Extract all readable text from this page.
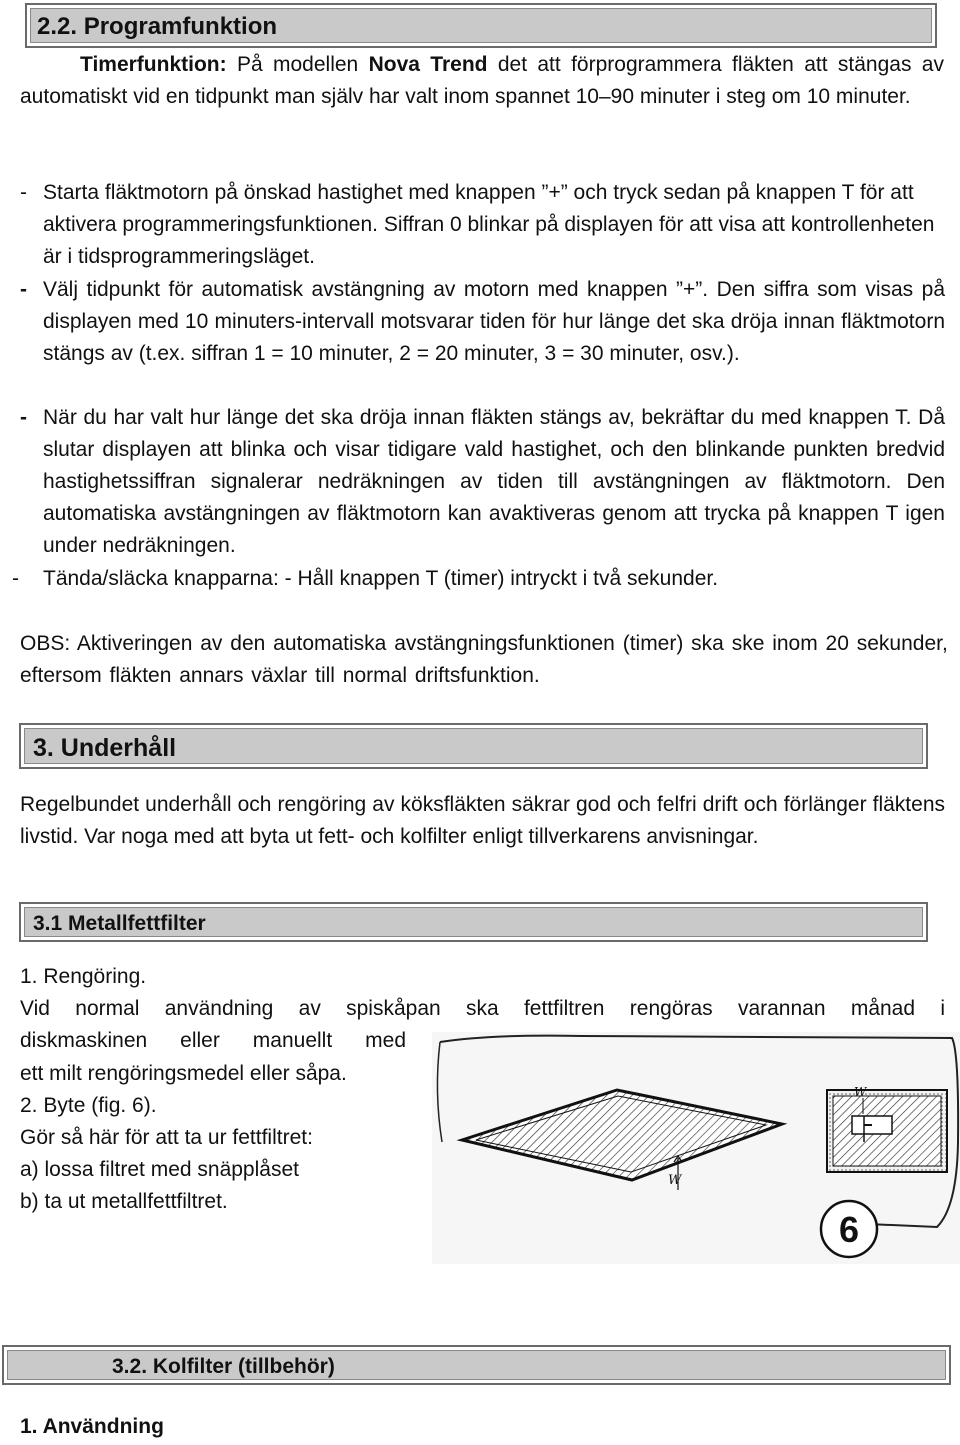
2.2. Programfunktion

Timerfunktion: På modellen Nova Trend det att förprogrammera fläkten att stängas av automatiskt vid en tidpunkt man själv har valt inom spannet 10–90 minuter i steg om 10 minuter.

- Starta fläktmotorn på önskad hastighet med knappen ”+” och tryck sedan på knappen T för att aktivera programmeringsfunktionen. Siffran 0 blinkar på displayen för att visa att kontrollenheten är i tidsprogrammeringsläget.

- Välj tidpunkt för automatisk avstängning av motorn med knappen ”+”. Den siffra som visas på displayen med 10 minuters-intervall motsvarar tiden för hur länge det ska dröja innan fläktmotorn stängs av (t.ex. siffran 1 = 10 minuter, 2 = 20 minuter, 3 = 30 minuter, osv.).

- När du har valt hur länge det ska dröja innan fläkten stängs av, bekräftar du med knappen T. Då slutar displayen att blinka och visar tidigare vald hastighet, och den blinkande punkten bredvid hastighetssiffran signalerar nedräkningen av tiden till avstängningen av fläktmotorn. Den automatiska avstängningen av fläktmotorn kan avaktiveras genom att trycka på knappen T igen under nedräkningen.

- Tända/släcka knapparna: - Håll knappen T (timer) intryckt i två sekunder.

OBS: Aktiveringen av den automatiska avstängningsfunktionen (timer) ska ske inom 20 sekunder, eftersom fläkten annars växlar till normal driftsfunktion.

3. Underhåll

Regelbundet underhåll och rengöring av köksfläkten säkrar god och felfri drift och förlänger fläktens livstid. Var noga med att byta ut fett- och kolfilter enligt tillverkarens anvisningar.

3.1 Metallfettfilter
1. Rengöring.
Vid normal användning av spiskåpan ska fettfiltren rengöras varannan månad i
diskmaskinen eller manuellt med
ett milt rengöringsmedel eller såpa.
2. Byte (fig. 6).
Gör så här för att ta ur fettfiltret:
a) lossa filtret med snäpplåset
b) ta ut metallfettfiltret.
W
W
6
3.2. Kolfilter (tillbehör)
1. Användning
